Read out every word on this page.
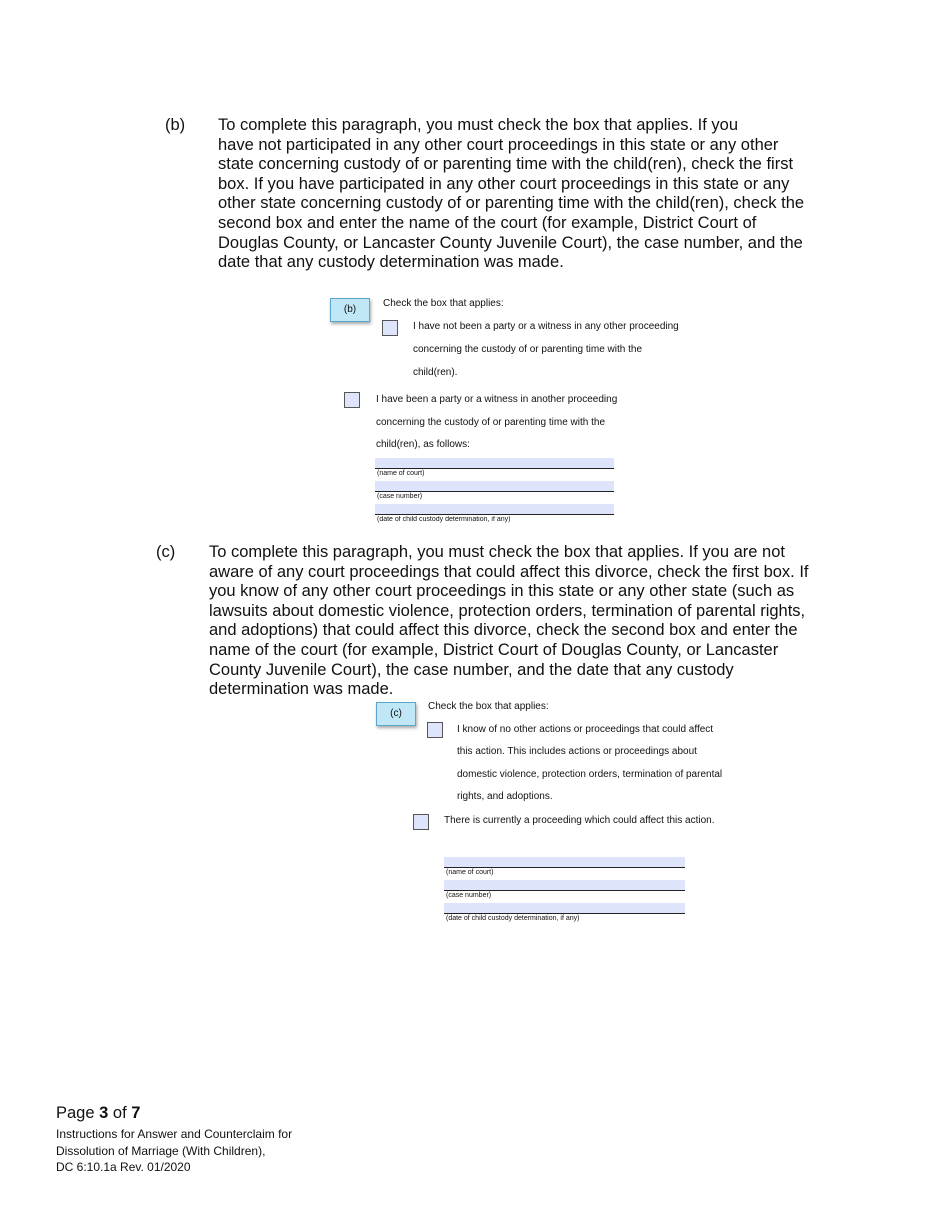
(b) To complete this paragraph, you must check the box that applies. If you
have not participated in any other court proceedings in this state or any other
state concerning custody of or parenting time with the child(ren), check the first
box. If you have participated in any other court proceedings in this state or any
other state concerning custody of or parenting time with the child(ren), check the
second box and enter the name of the court (for example, District Court of
Douglas County, or Lancaster County Juvenile Court), the case number, and the
date that any custody determination was made.
(b)
Check the box that applies:
I have not been a party or a witness in any other proceeding
concerning the custody of or parenting time with the
child(ren).
I have been a party or a witness in another proceeding
concerning the custody of or parenting time with the
child(ren), as follows:
(name of court)
(case number)
(date of child custody determination, if any)
(c) To complete this paragraph, you must check the box that applies. If you are not
aware of any court proceedings that could affect this divorce, check the first box. If
you know of any other court proceedings in this state or any other state (such as
lawsuits about domestic violence, protection orders, termination of parental rights,
and adoptions) that could affect this divorce, check the second box and enter the
name of the court (for example, District Court of Douglas County, or Lancaster
County Juvenile Court), the case number, and the date that any custody
determination was made.
(c)
Check the box that applies:
I know of no other actions or proceedings that could affect
this action. This includes actions or proceedings about
domestic violence, protection orders, termination of parental
rights, and adoptions.
There is currently a proceeding which could affect this action.
(name of court)
(case number)
(date of child custody determination, if any)
Page 3 of 7
Instructions for Answer and Counterclaim for
Dissolution of Marriage (With Children),
DC 6:10.1a Rev. 01/2020
